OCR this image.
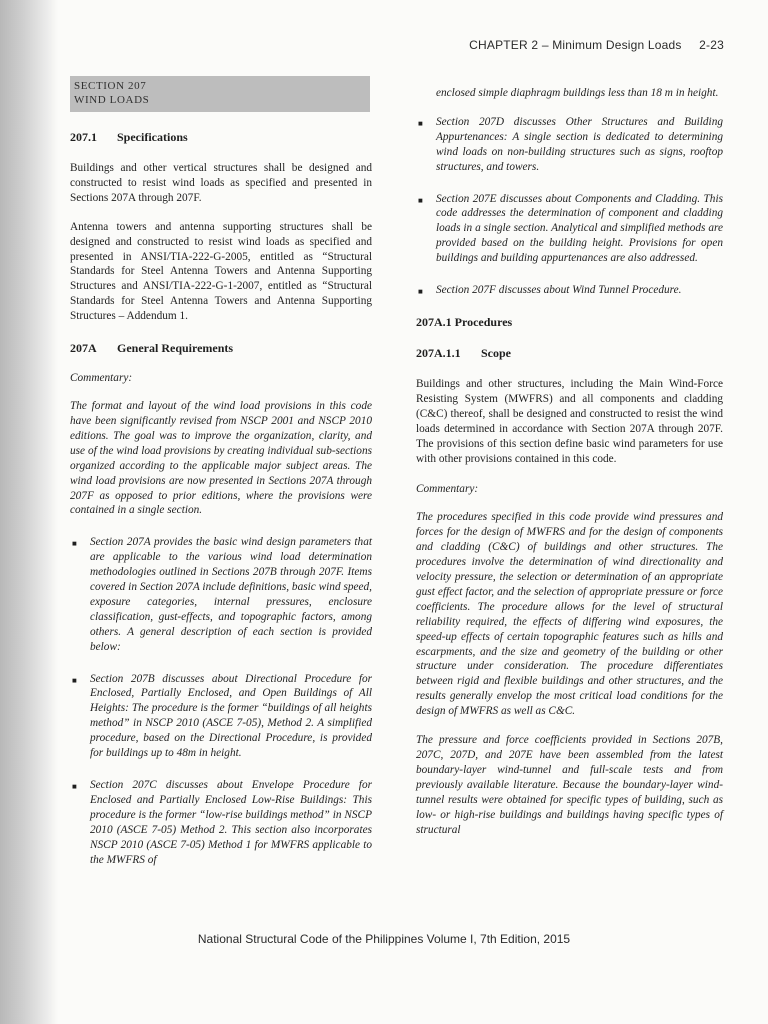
CHAPTER 2 – Minimum Design Loads 2-23
SECTION 207
WIND LOADS
207.1 Specifications

Buildings and other vertical structures shall be designed and constructed to resist wind loads as specified and presented in Sections 207A through 207F.

Antenna towers and antenna supporting structures shall be designed and constructed to resist wind loads as specified and presented in ANSI/TIA-222-G-2005, entitled as “Structural Standards for Steel Antenna Towers and Antenna Supporting Structures and ANSI/TIA-222-G-1-2007, entitled as “Structural Standards for Steel Antenna Towers and Antenna Supporting Structures – Addendum 1.

207A General Requirements
Commentary:

The format and layout of the wind load provisions in this code have been significantly revised from NSCP 2001 and NSCP 2010 editions. The goal was to improve the organization, clarity, and use of the wind load provisions by creating individual sub-sections organized according to the applicable major subject areas. The wind load provisions are now presented in Sections 207A through 207F as opposed to prior editions, where the provisions were contained in a single section.

■ Section 207A provides the basic wind design parameters that are applicable to the various wind load determination methodologies outlined in Sections 207B through 207F. Items covered in Section 207A include definitions, basic wind speed, exposure categories, internal pressures, enclosure classification, gust-effects, and topographic factors, among others. A general description of each section is provided below:
■ Section 207B discusses about Directional Procedure for Enclosed, Partially Enclosed, and Open Buildings of All Heights: The procedure is the former “buildings of all heights method” in NSCP 2010 (ASCE 7-05), Method 2. A simplified procedure, based on the Directional Procedure, is provided for buildings up to 48m in height.
■ Section 207C discusses about Envelope Procedure for Enclosed and Partially Enclosed Low-Rise Buildings: This procedure is the former “low-rise buildings method” in NSCP 2010 (ASCE 7-05) Method 2. This section also incorporates NSCP 2010 (ASCE 7-05) Method 1 for MWFRS applicable to the MWFRS of
enclosed simple diaphragm buildings less than 18 m in height.
■ Section 207D discusses Other Structures and Building Appurtenances: A single section is dedicated to determining wind loads on non-building structures such as signs, rooftop structures, and towers.
■ Section 207E discusses about Components and Cladding. This code addresses the determination of component and cladding loads in a single section. Analytical and simplified methods are provided based on the building height. Provisions for open buildings and building appurtenances are also addressed.
■ Section 207F discusses about Wind Tunnel Procedure.
207A.1 Procedures
207A.1.1 Scope

Buildings and other structures, including the Main Wind-Force Resisting System (MWFRS) and all components and cladding (C&C) thereof, shall be designed and constructed to resist the wind loads determined in accordance with Section 207A through 207F. The provisions of this section define basic wind parameters for use with other provisions contained in this code.

Commentary:

The procedures specified in this code provide wind pressures and forces for the design of MWFRS and for the design of components and cladding (C&C) of buildings and other structures. The procedures involve the determination of wind directionality and velocity pressure, the selection or determination of an appropriate gust effect factor, and the selection of appropriate pressure or force coefficients. The procedure allows for the level of structural reliability required, the effects of differing wind exposures, the speed-up effects of certain topographic features such as hills and escarpments, and the size and geometry of the building or other structure under consideration. The procedure differentiates between rigid and flexible buildings and other structures, and the results generally envelop the most critical load conditions for the design of MWFRS as well as C&C.

The pressure and force coefficients provided in Sections 207B, 207C, 207D, and 207E have been assembled from the latest boundary-layer wind-tunnel and full-scale tests and from previously available literature. Because the boundary-layer wind-tunnel results were obtained for specific types of building, such as low- or high-rise buildings and buildings having specific types of structural

National Structural Code of the Philippines Volume I, 7th Edition, 2015
